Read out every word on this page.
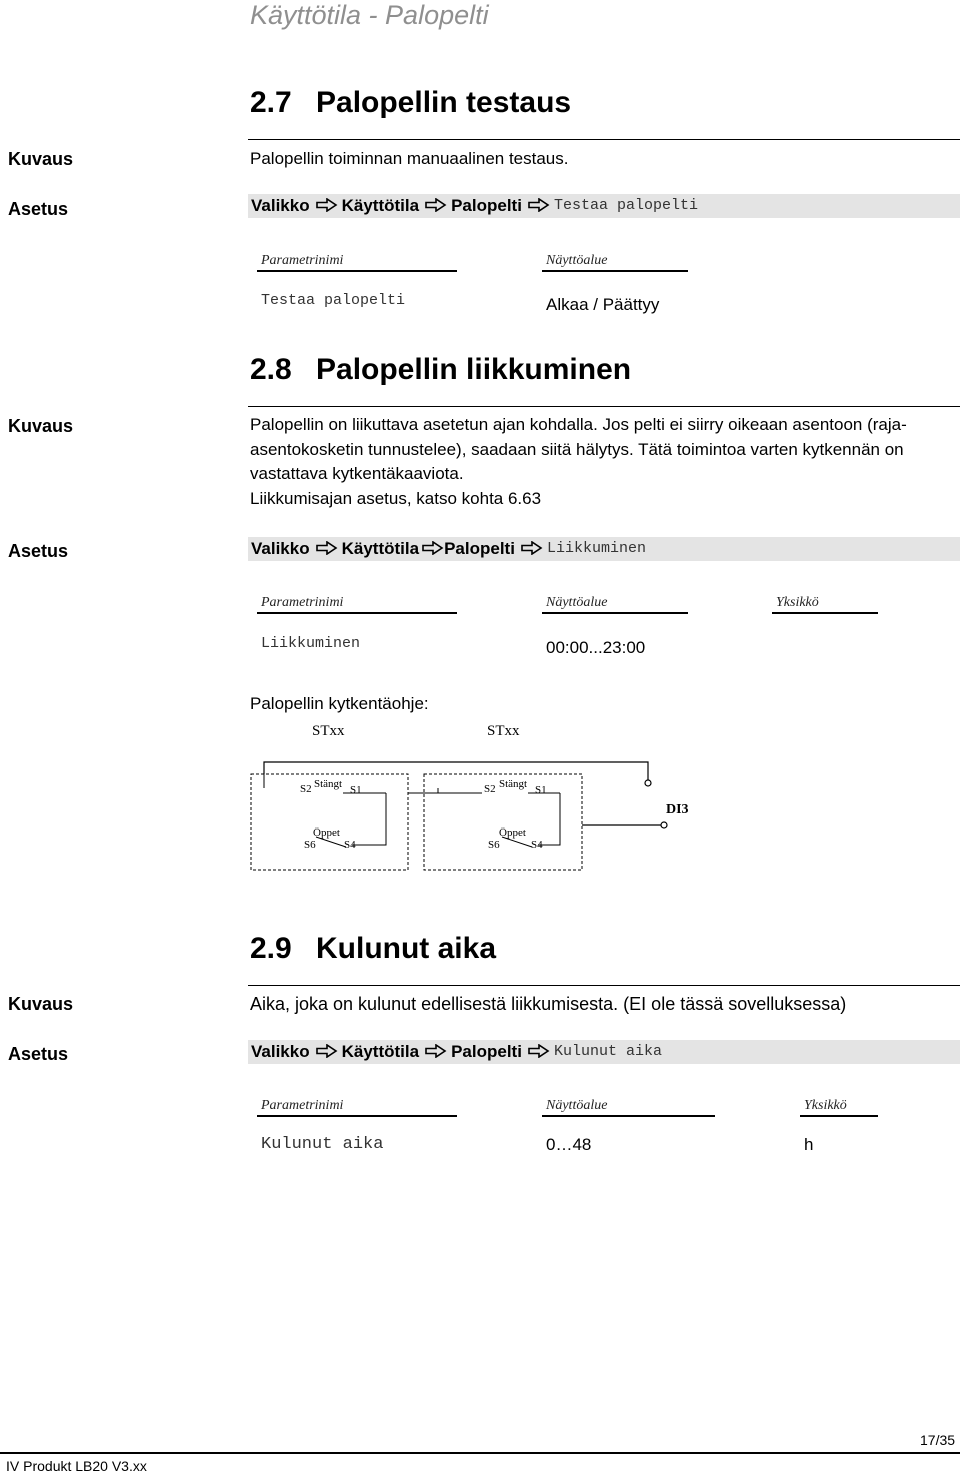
Käyttötila - Palopelti
2.7 Palopellin testaus
Kuvaus	Palopellin toiminnan manuaalinen testaus.
Asetus	Valikko Käyttötila Palopelti Testaa palopelti
Parametrinimi	Näyttöalue
Testaa palopelti	Alkaa / Päättyy
2.8 Palopellin liikkuminen
Kuvaus	Palopellin on liikuttava asetetun ajan kohdalla. Jos pelti ei siirry oikeaan asentoon (raja-
asentokosketin tunnustelee), saadaan siitä hälytys. Tätä toimintoa varten kytkennän on
vastattava kytkentäkaaviota.
Liikkumisajan asetus, katso kohta 6.63
Asetus	Valikko Käyttötila Palopelti Liikkuminen
Parametrinimi	Näyttöalue	Yksikkö
Liikkuminen	00:00...23:00
Palopellin kytkentäohje:
STxx	STxx
DI3
S2 Stängt S1
Öppet
S6	S4
S2 Stängt S1
Öppet
S6	S4
2.9 Kulunut aika
Kuvaus	Aika, joka on kulunut edellisestä liikkumisesta. (EI ole tässä sovelluksessa)
Asetus	Valikko Käyttötila Palopelti Kulunut aika
Parametrinimi	Näyttöalue	Yksikkö
Kulunut aika	0…48	h
17/35
IV Produkt LB20 V3.xx
